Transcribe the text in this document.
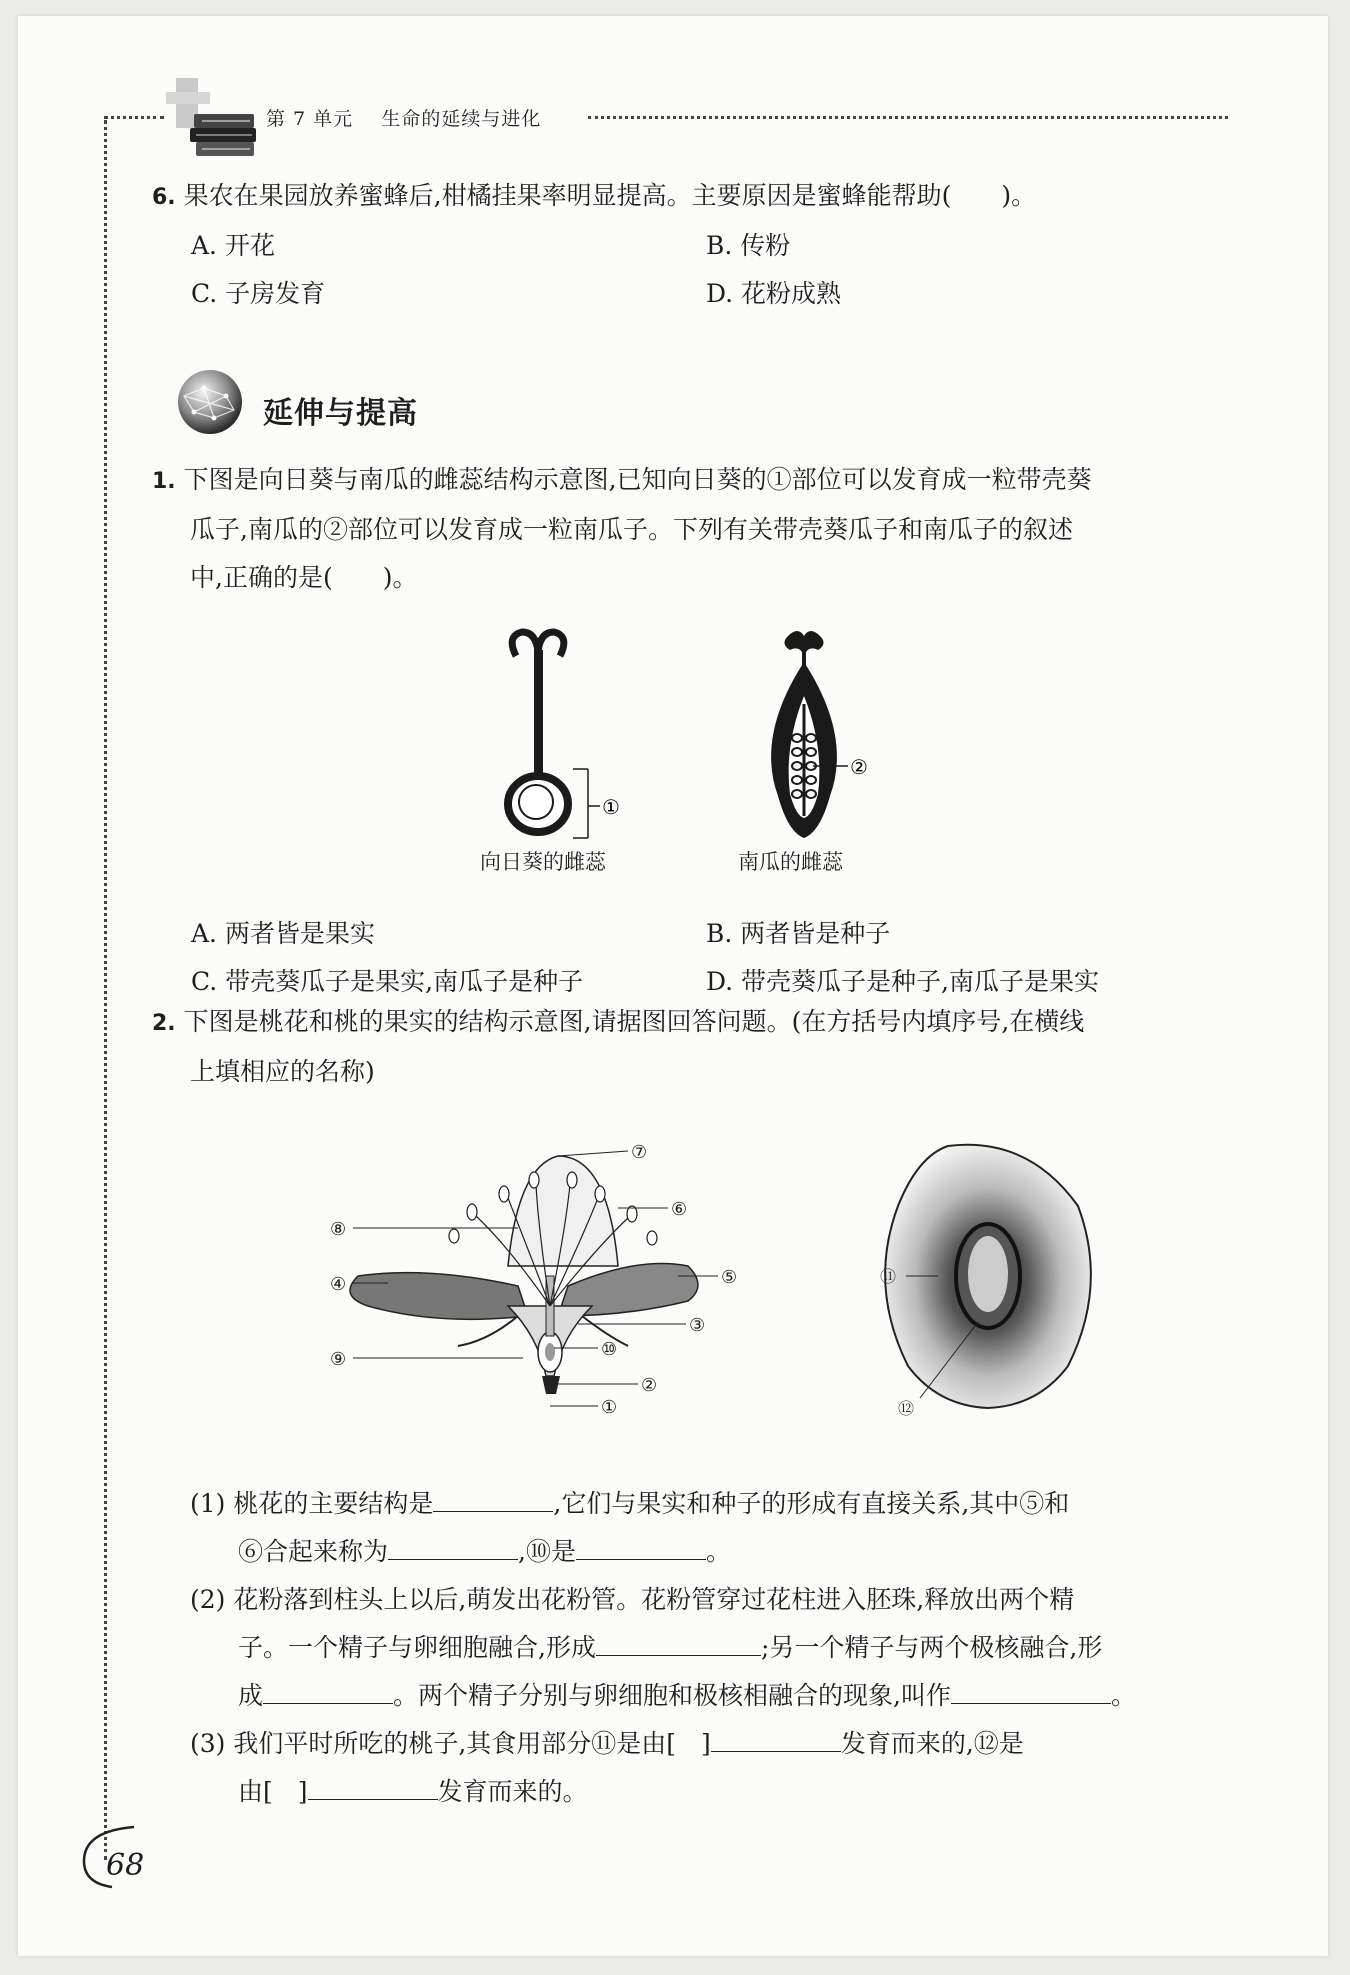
第 7 单元 生命的延续与进化
6. 果农在果园放养蜜蜂后,柑橘挂果率明显提高。主要原因是蜜蜂能帮助(　　)。
A. 开花	B. 传粉
C. 子房发育	D. 花粉成熟
延伸与提高
1. 下图是向日葵与南瓜的雌蕊结构示意图,已知向日葵的①部位可以发育成一粒带壳葵
瓜子,南瓜的②部位可以发育成一粒南瓜子。下列有关带壳葵瓜子和南瓜子的叙述
中,正确的是(　　)。
①
②
向日葵的雌蕊	南瓜的雌蕊
A. 两者皆是果实	B. 两者皆是种子
C. 带壳葵瓜子是果实,南瓜子是种子	D. 带壳葵瓜子是种子,南瓜子是果实
2. 下图是桃花和桃的果实的结构示意图,请据图回答问题。(在方括号内填序号,在横线
上填相应的名称)
⑦
⑥
⑤
③
②
①
⑩
⑧
④
⑨
⑪
⑫
(1) 桃花的主要结构是	,它们与果实和种子的形成有直接关系,其中⑤和
⑥合起来称为	,⑩是	。
(2) 花粉落到柱头上以后,萌发出花粉管。花粉管穿过花柱进入胚珠,释放出两个精
子。一个精子与卵细胞融合,形成	;另一个精子与两个极核融合,形
成	。两个精子分别与卵细胞和极核相融合的现象,叫作	。
(3) 我们平时所吃的桃子,其食用部分⑪是由[　]	发育而来的,⑫是
由[　]	发育而来的。
68
